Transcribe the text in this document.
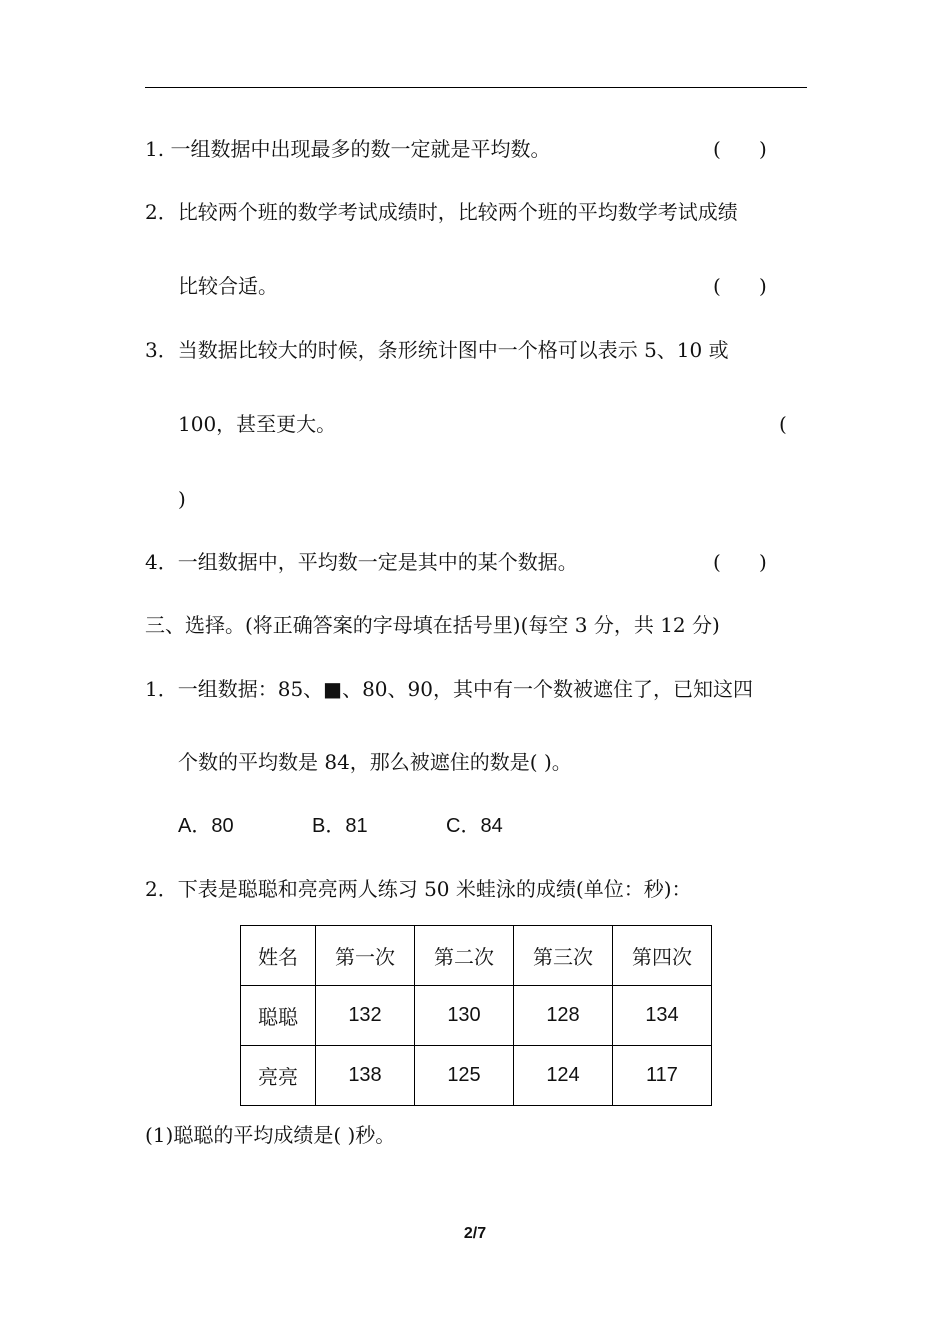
1. 一组数据中出现最多的数一定就是平均数。	(      )
2．比较两个班的数学考试成绩时，比较两个班的平均数学考试成绩
比较合适。	(      )
3．当数据比较大的时候，条形统计图中一个格可以表示 5、10 或
100，甚至更大。	(
)
4．一组数据中，平均数一定是其中的某个数据。	(      )
三、选择。(将正确答案的字母填在括号里)(每空 3 分，共 12 分)
1．一组数据：85、■、80、90，其中有一个数被遮住了，已知这四
个数的平均数是 84，那么被遮住的数是( )。
A．80	B．81	C．84
2．下表是聪聪和亮亮两人练习 50 米蛙泳的成绩(单位：秒)：
姓名	第一次	第二次	第三次	第四次
聪聪	132	130	128	134
亮亮	138	125	124	117
(1)聪聪的平均成绩是( )秒。
2/7
